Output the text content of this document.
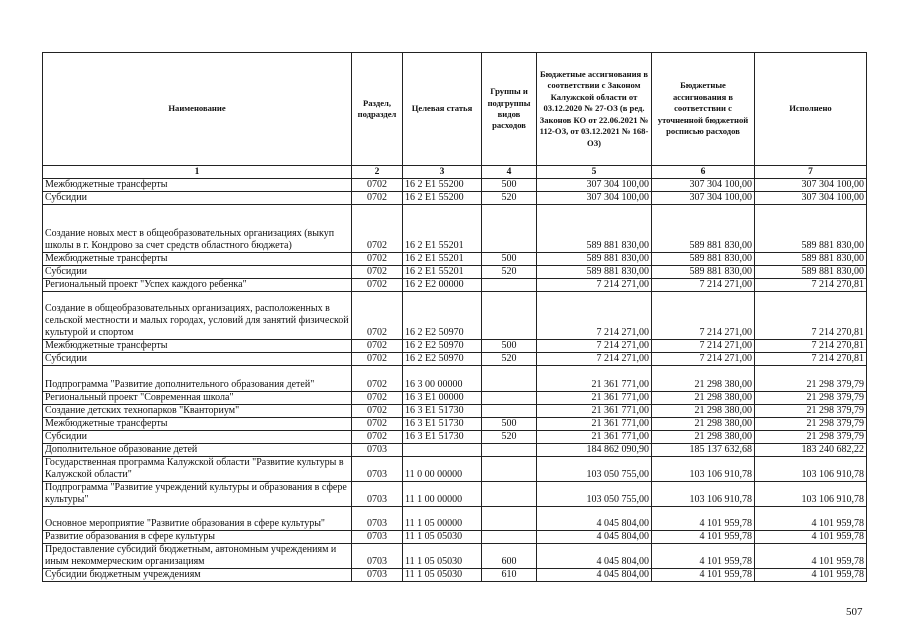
Наименование	Раздел, подраздел	Целевая статья	Группы и подгруппы видов расходов	Бюджетные ассигнования в соответствии с Законом Калужской области от 03.12.2020 № 27-ОЗ (в ред. Законов КО от 22.06.2021 № 112-ОЗ, от 03.12.2021 № 168-ОЗ)	Бюджетные ассигнования в соответствии с уточненной бюджетной росписью расходов	Исполнено
1	2	3	4	5	6	7
Межбюджетные трансферты	0702	16 2 E1 55200	500	307 304 100,00	307 304 100,00	307 304 100,00
Субсидии	0702	16 2 E1 55200	520	307 304 100,00	307 304 100,00	307 304 100,00
Создание новых мест в общеобразовательных организациях (выкуп школы в г. Кондрово за счет средств областного бюджета)	0702	16 2 E1 55201		589 881 830,00	589 881 830,00	589 881 830,00
Межбюджетные трансферты	0702	16 2 E1 55201	500	589 881 830,00	589 881 830,00	589 881 830,00
Субсидии	0702	16 2 E1 55201	520	589 881 830,00	589 881 830,00	589 881 830,00
Региональный проект "Успех каждого ребенка"	0702	16 2 E2 00000		7 214 271,00	7 214 271,00	7 214 270,81
Создание в общеобразовательных организациях, расположенных в сельской местности и малых городах, условий для занятий физической культурой и спортом	0702	16 2 E2 50970		7 214 271,00	7 214 271,00	7 214 270,81
Межбюджетные трансферты	0702	16 2 E2 50970	500	7 214 271,00	7 214 271,00	7 214 270,81
Субсидии	0702	16 2 E2 50970	520	7 214 271,00	7 214 271,00	7 214 270,81
Подпрограмма "Развитие дополнительного образования детей"	0702	16 3 00 00000		21 361 771,00	21 298 380,00	21 298 379,79
Региональный проект "Современная школа"	0702	16 3 E1 00000		21 361 771,00	21 298 380,00	21 298 379,79
Создание детских технопарков "Кванториум"	0702	16 3 E1 51730		21 361 771,00	21 298 380,00	21 298 379,79
Межбюджетные трансферты	0702	16 3 E1 51730	500	21 361 771,00	21 298 380,00	21 298 379,79
Субсидии	0702	16 3 E1 51730	520	21 361 771,00	21 298 380,00	21 298 379,79
Дополнительное образование детей	0703			184 862 090,90	185 137 632,68	183 240 682,22
Государственная программа Калужской области "Развитие культуры в Калужской области"	0703	11 0 00 00000		103 050 755,00	103 106 910,78	103 106 910,78
Подпрограмма "Развитие учреждений культуры и образования в сфере культуры"	0703	11 1 00 00000		103 050 755,00	103 106 910,78	103 106 910,78
Основное мероприятие "Развитие образования в сфере культуры"	0703	11 1 05 00000		4 045 804,00	4 101 959,78	4 101 959,78
Развитие образования в сфере культуры	0703	11 1 05 05030		4 045 804,00	4 101 959,78	4 101 959,78
Предоставление субсидий бюджетным, автономным учреждениям и иным некоммерческим организациям	0703	11 1 05 05030	600	4 045 804,00	4 101 959,78	4 101 959,78
Субсидии бюджетным учреждениям	0703	11 1 05 05030	610	4 045 804,00	4 101 959,78	4 101 959,78
507
